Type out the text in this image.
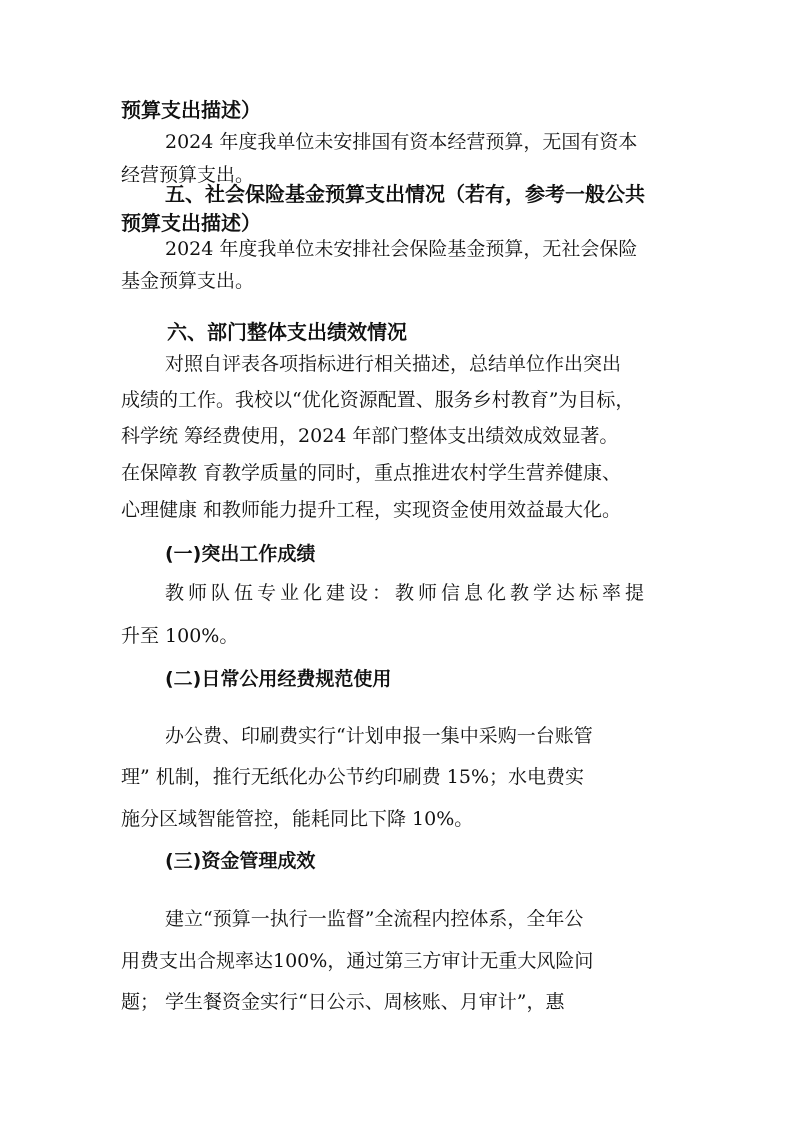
预算支出描述）
2024 年度我单位未安排国有资本经营预算，无国有资本
经营预算支出。
五、社会保险基金预算支出情况（若有，参考一般公共
预算支出描述）
2024 年度我单位未安排社会保险基金预算，无社会保险
基金预算支出。
六、部门整体支出绩效情况
对照自评表各项指标进行相关描述，总结单位作出突出
成绩的工作。我校以“优化资源配置、服务乡村教育”为目标，
科学统 筹经费使用，2024 年部门整体支出绩效成效显著。
在保障教 育教学质量的同时，重点推进农村学生营养健康、
心理健康 和教师能力提升工程，实现资金使用效益最大化。
(一)突出工作成绩
教师队伍专业化建设：教师信息化教学达标率提
升至 100%。
(二)日常公用经费规范使用
办公费、印刷费实行“计划申报一集中采购一台账管
理” 机制，推行无纸化办公节约印刷费 15%；水电费实
施分区域智能管控，能耗同比下降 10%。
(三)资金管理成效
建立“预算一执行一监督”全流程内控体系，全年公
用费支出合规率达100%，通过第三方审计无重大风险问
题； 学生餐资金实行“日公示、周核账、月审计”，惠
